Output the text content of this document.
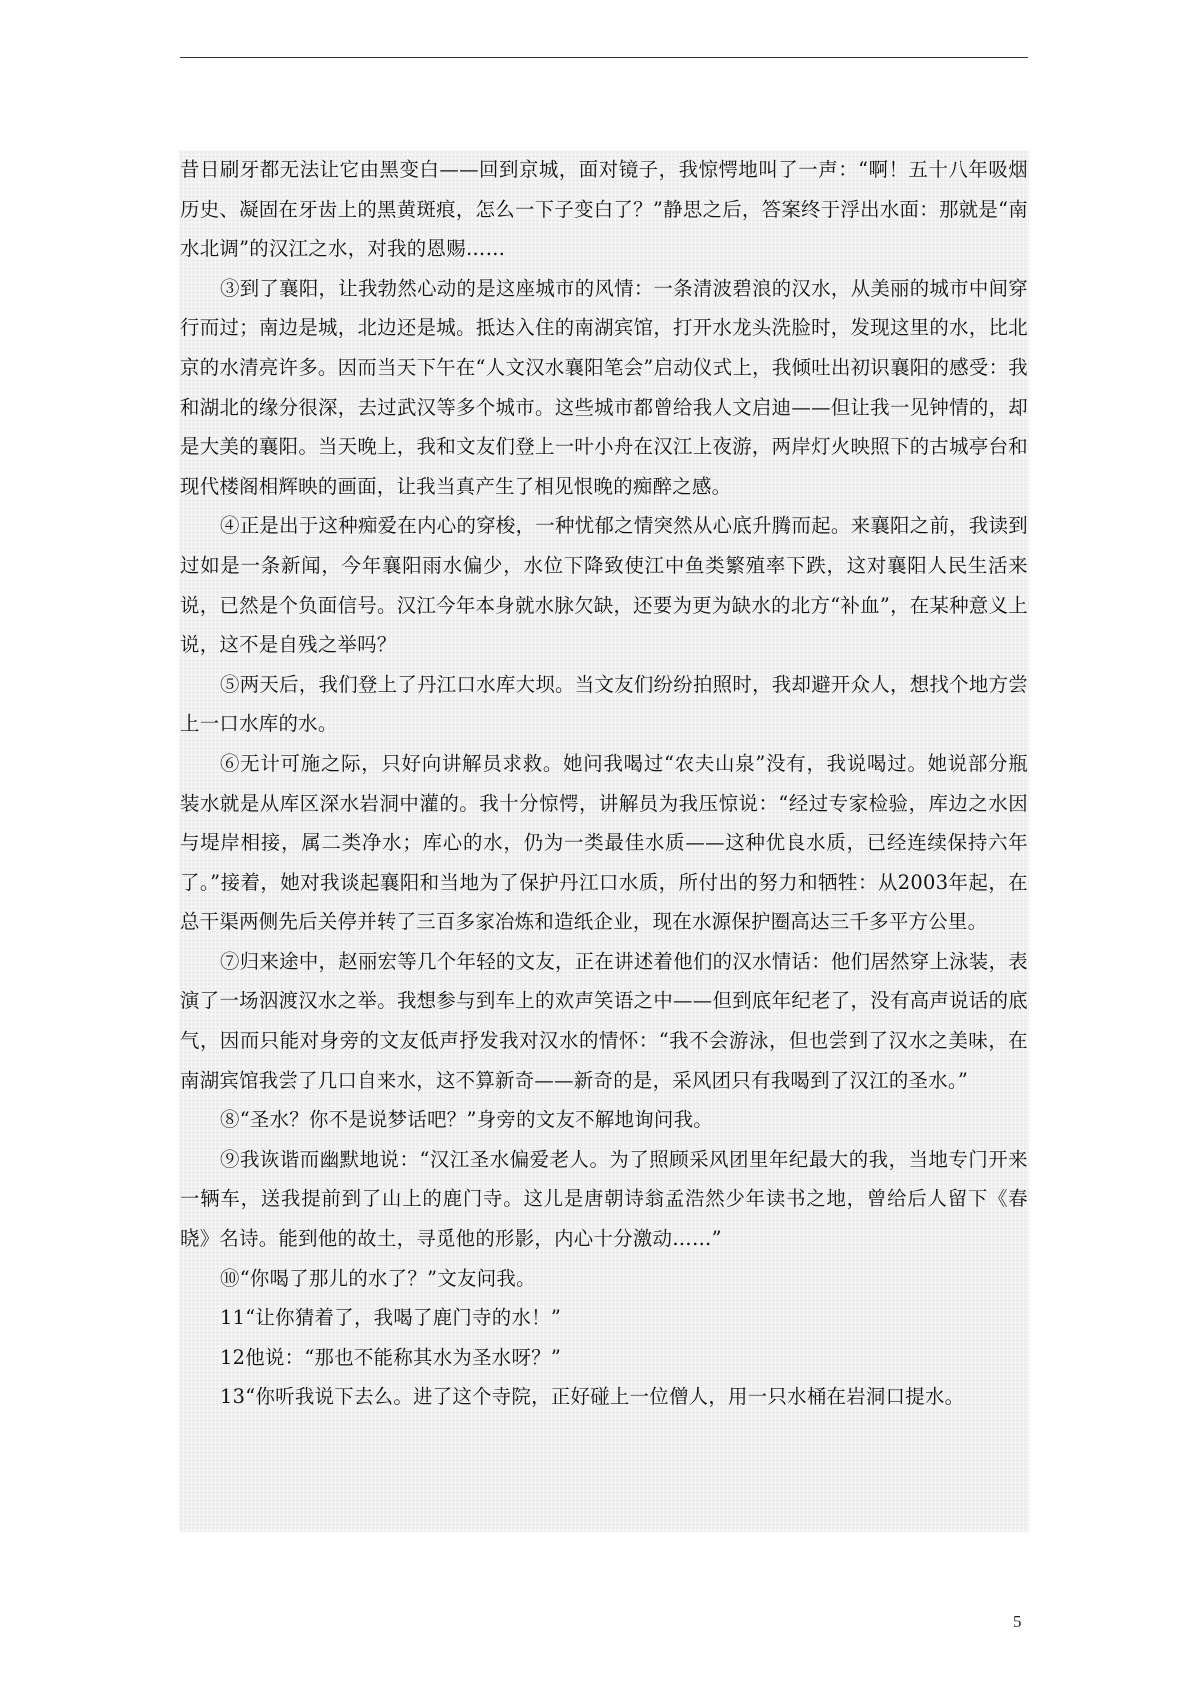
昔日刷牙都无法让它由黑变白——回到京城，面对镜子，我惊愕地叫了一声：“啊！五十八年吸烟历史、凝固在牙齿上的黑黄斑痕，怎么一下子变白了？”静思之后，答案终于浮出水面：那就是“南水北调”的汉江之水，对我的恩赐……

③到了襄阳，让我勃然心动的是这座城市的风情：一条清波碧浪的汉水，从美丽的城市中间穿行而过；南边是城，北边还是城。抵达入住的南湖宾馆，打开水龙头洗脸时，发现这里的水，比北京的水清亮许多。因而当天下午在“人文汉水襄阳笔会”启动仪式上，我倾吐出初识襄阳的感受：我和湖北的缘分很深，去过武汉等多个城市。这些城市都曾给我人文启迪——但让我一见钟情的，却是大美的襄阳。当天晚上，我和文友们登上一叶小舟在汉江上夜游，两岸灯火映照下的古城亭台和现代楼阁相辉映的画面，让我当真产生了相见恨晚的痴醉之感。

④正是出于这种痴爱在内心的穿梭，一种忧郁之情突然从心底升腾而起。来襄阳之前，我读到过如是一条新闻，今年襄阳雨水偏少，水位下降致使江中鱼类繁殖率下跌，这对襄阳人民生活来说，已然是个负面信号。汉江今年本身就水脉欠缺，还要为更为缺水的北方“补血”，在某种意义上说，这不是自残之举吗？

⑤两天后，我们登上了丹江口水库大坝。当文友们纷纷拍照时，我却避开众人，想找个地方尝上一口水库的水。

⑥无计可施之际，只好向讲解员求救。她问我喝过“农夫山泉”没有，我说喝过。她说部分瓶装水就是从库区深水岩洞中灌的。我十分惊愕，讲解员为我压惊说：“经过专家检验，库边之水因与堤岸相接，属二类净水；库心的水，仍为一类最佳水质——这种优良水质，已经连续保持六年了。”接着，她对我谈起襄阳和当地为了保护丹江口水质，所付出的努力和牺牲：从2003年起，在总干渠两侧先后关停并转了三百多家冶炼和造纸企业，现在水源保护圈高达三千多平方公里。

⑦归来途中，赵丽宏等几个年轻的文友，正在讲述着他们的汉水情话：他们居然穿上泳装，表演了一场泅渡汉水之举。我想参与到车上的欢声笑语之中——但到底年纪老了，没有高声说话的底气，因而只能对身旁的文友低声抒发我对汉水的情怀：“我不会游泳，但也尝到了汉水之美味，在南湖宾馆我尝了几口自来水，这不算新奇——新奇的是，采风团只有我喝到了汉江的圣水。”

⑧“圣水？你不是说梦话吧？”身旁的文友不解地询问我。

⑨我诙谐而幽默地说：“汉江圣水偏爱老人。为了照顾采风团里年纪最大的我，当地专门开来一辆车，送我提前到了山上的鹿门寺。这儿是唐朝诗翁孟浩然少年读书之地，曾给后人留下《春晓》名诗。能到他的故土，寻觅他的形影，内心十分激动……”

⑩“你喝了那儿的水了？”文友问我。

11“让你猜着了，我喝了鹿门寺的水！”

12他说：“那也不能称其水为圣水呀？”

13“你听我说下去么。进了这个寺院，正好碰上一位僧人，用一只水桶在岩洞口提水。

5
